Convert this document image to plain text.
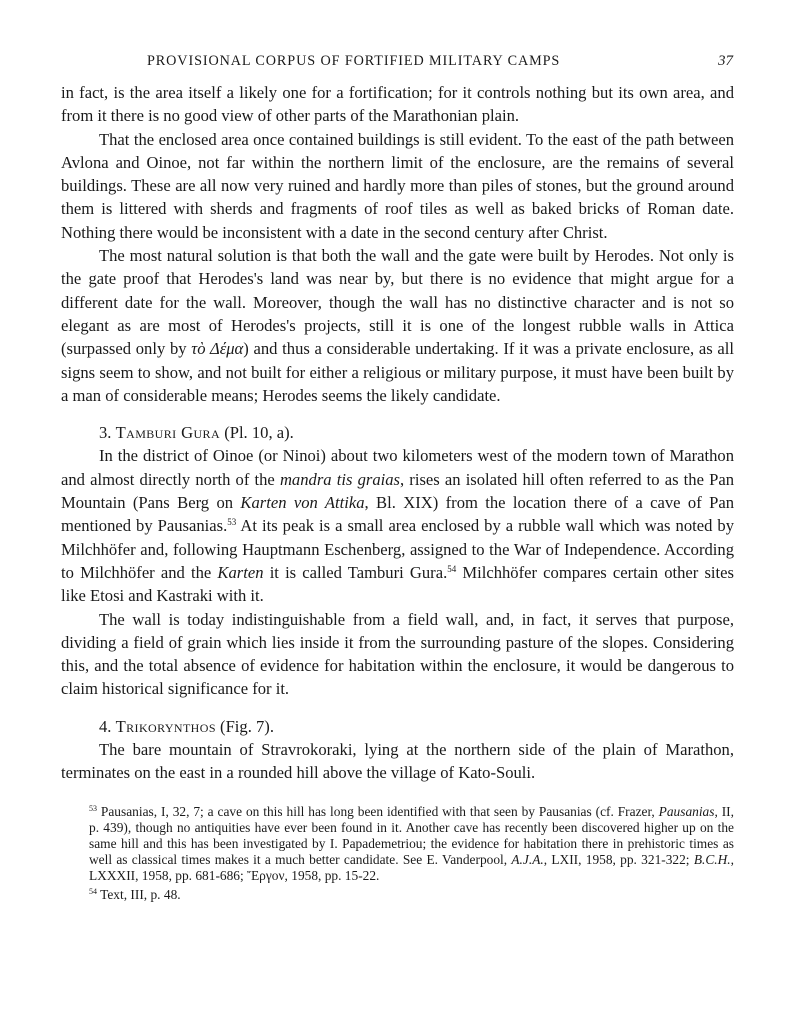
PROVISIONAL CORPUS OF FORTIFIED MILITARY CAMPS	37

in fact, is the area itself a likely one for a fortification; for it controls nothing but its own area, and from it there is no good view of other parts of the Marathonian plain.

That the enclosed area once contained buildings is still evident. To the east of the path between Avlona and Oinoe, not far within the northern limit of the enclosure, are the remains of several buildings. These are all now very ruined and hardly more than piles of stones, but the ground around them is littered with sherds and fragments of roof tiles as well as baked bricks of Roman date. Nothing there would be inconsistent with a date in the second century after Christ.

The most natural solution is that both the wall and the gate were built by Herodes. Not only is the gate proof that Herodes's land was near by, but there is no evidence that might argue for a different date for the wall. Moreover, though the wall has no distinctive character and is not so elegant as are most of Herodes's projects, still it is one of the longest rubble walls in Attica (surpassed only by τὸ Δέμα) and thus a considerable undertaking. If it was a private enclosure, as all signs seem to show, and not built for either a religious or military purpose, it must have been built by a man of considerable means; Herodes seems the likely candidate.

3. Tamburi Gura (Pl. 10, a).

In the district of Oinoe (or Ninoi) about two kilometers west of the modern town of Marathon and almost directly north of the mandra tis graias, rises an isolated hill often referred to as the Pan Mountain (Pans Berg on Karten von Attika, Bl. XIX) from the location there of a cave of Pan mentioned by Pausanias.$^{53}$ At its peak is a small area enclosed by a rubble wall which was noted by Milchhöfer and, following Hauptmann Eschenberg, assigned to the War of Independence. According to Milchhöfer and the Karten it is called Tamburi Gura.$^{54}$ Milchhöfer compares certain other sites like Etosi and Kastraki with it.

The wall is today indistinguishable from a field wall, and, in fact, it serves that purpose, dividing a field of grain which lies inside it from the surrounding pasture of the slopes. Considering this, and the total absence of evidence for habitation within the enclosure, it would be dangerous to claim historical significance for it.

4. Trikorynthos (Fig. 7).

The bare mountain of Stravrokoraki, lying at the northern side of the plain of Marathon, terminates on the east in a rounded hill above the village of Kato-Souli.

$^{53}$ Pausanias, I, 32, 7; a cave on this hill has long been identified with that seen by Pausanias (cf. Frazer, Pausanias, II, p. 439), though no antiquities have ever been found in it. Another cave has recently been discovered higher up on the same hill and this has been investigated by I. Papademetriou; the evidence for habitation there in prehistoric times as well as classical times makes it a much better candidate. See E. Vanderpool, A.J.A., LXII, 1958, pp. 321-322; B.C.H., LXXXII, 1958, pp. 681-686; Ἔργον, 1958, pp. 15-22.

$^{54}$ Text, III, p. 48.
